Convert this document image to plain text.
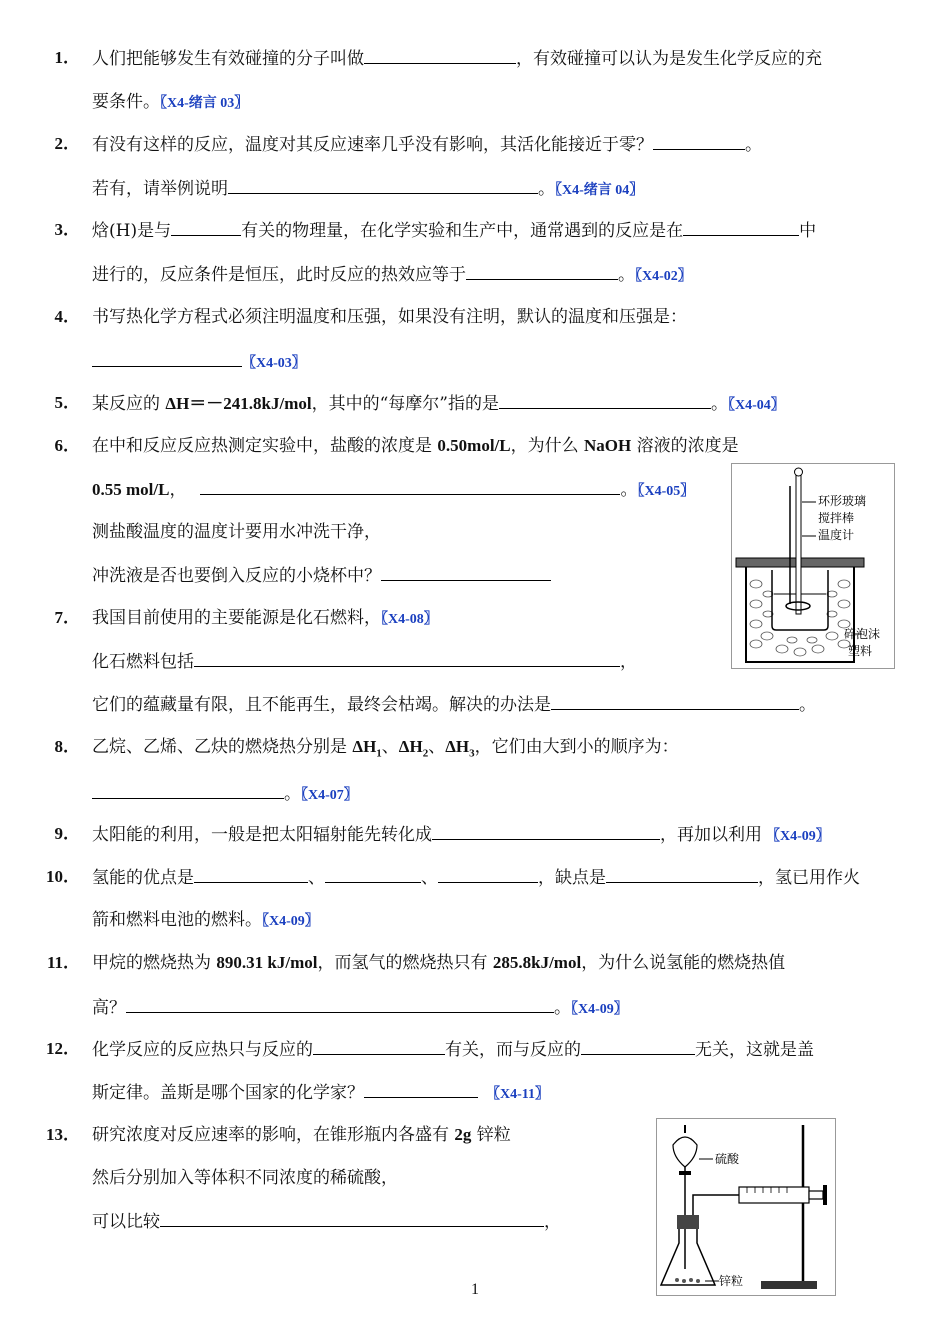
1． 人们把能够发生有效碰撞的分子叫做	，有效碰撞可以认为是发生化学反应的充
要条件。〖X4-绪言 03〗
2． 有没有这样的反应，温度对其反应速率几乎没有影响，其活化能接近于零？	。
若有，请举例说明	。〖X4-绪言 04〗
3． 焓(H)是与	有关的物理量，在化学实验和生产中，通常遇到的反应是在	中
进行的，反应条件是恒压，此时反应的热效应等于	。〖X4-02〗
4． 书写热化学方程式必须注明温度和压强，如果没有注明，默认的温度和压强是：
〖X4-03〗
5． 某反应的 ΔH＝－241.8kJ/mol，其中的“每摩尔”指的是	。〖X4-04〗
6． 在中和反应反应热测定实验中，盐酸的浓度是 0.50mol/L，为什么 NaOH 溶液的浓度是
0.55 mol/L，	。〖X4-05〗
测盐酸温度的温度计要用水冲洗干净，
冲洗液是否也要倒入反应的小烧杯中？
环形玻璃
搅拌棒
温度计
碎泡沫
塑料
7． 我国目前使用的主要能源是化石燃料，〖X4-08〗
化石燃料包括	，
它们的蕴藏量有限，且不能再生，最终会枯竭。解决的办法是	。
8． 乙烷、乙烯、乙炔的燃烧热分别是 $\Delta H_1$、$\Delta H_2$、$\Delta H_3$，它们由大到小的顺序为：
。〖X4-07〗
9． 太阳能的利用，一般是把太阳辐射能先转化成	，再加以利用 〖X4-09〗
10． 氢能的优点是	、	、	，缺点是	，氢已用作火
箭和燃料电池的燃料。〖X4-09〗
11． 甲烷的燃烧热为 890.31 kJ/mol，而氢气的燃烧热只有 285.8kJ/mol，为什么说氢能的燃烧热值
高？	。〖X4-09〗
12． 化学反应的反应热只与反应的	有关，而与反应的	无关，这就是盖
斯定律。盖斯是哪个国家的化学家？	〖X4-11〗
13． 研究浓度对反应速率的影响，在锥形瓶内各盛有 2g 锌粒
然后分别加入等体积不同浓度的稀硫酸，
可以比较	，
硫酸
锌粒
1
